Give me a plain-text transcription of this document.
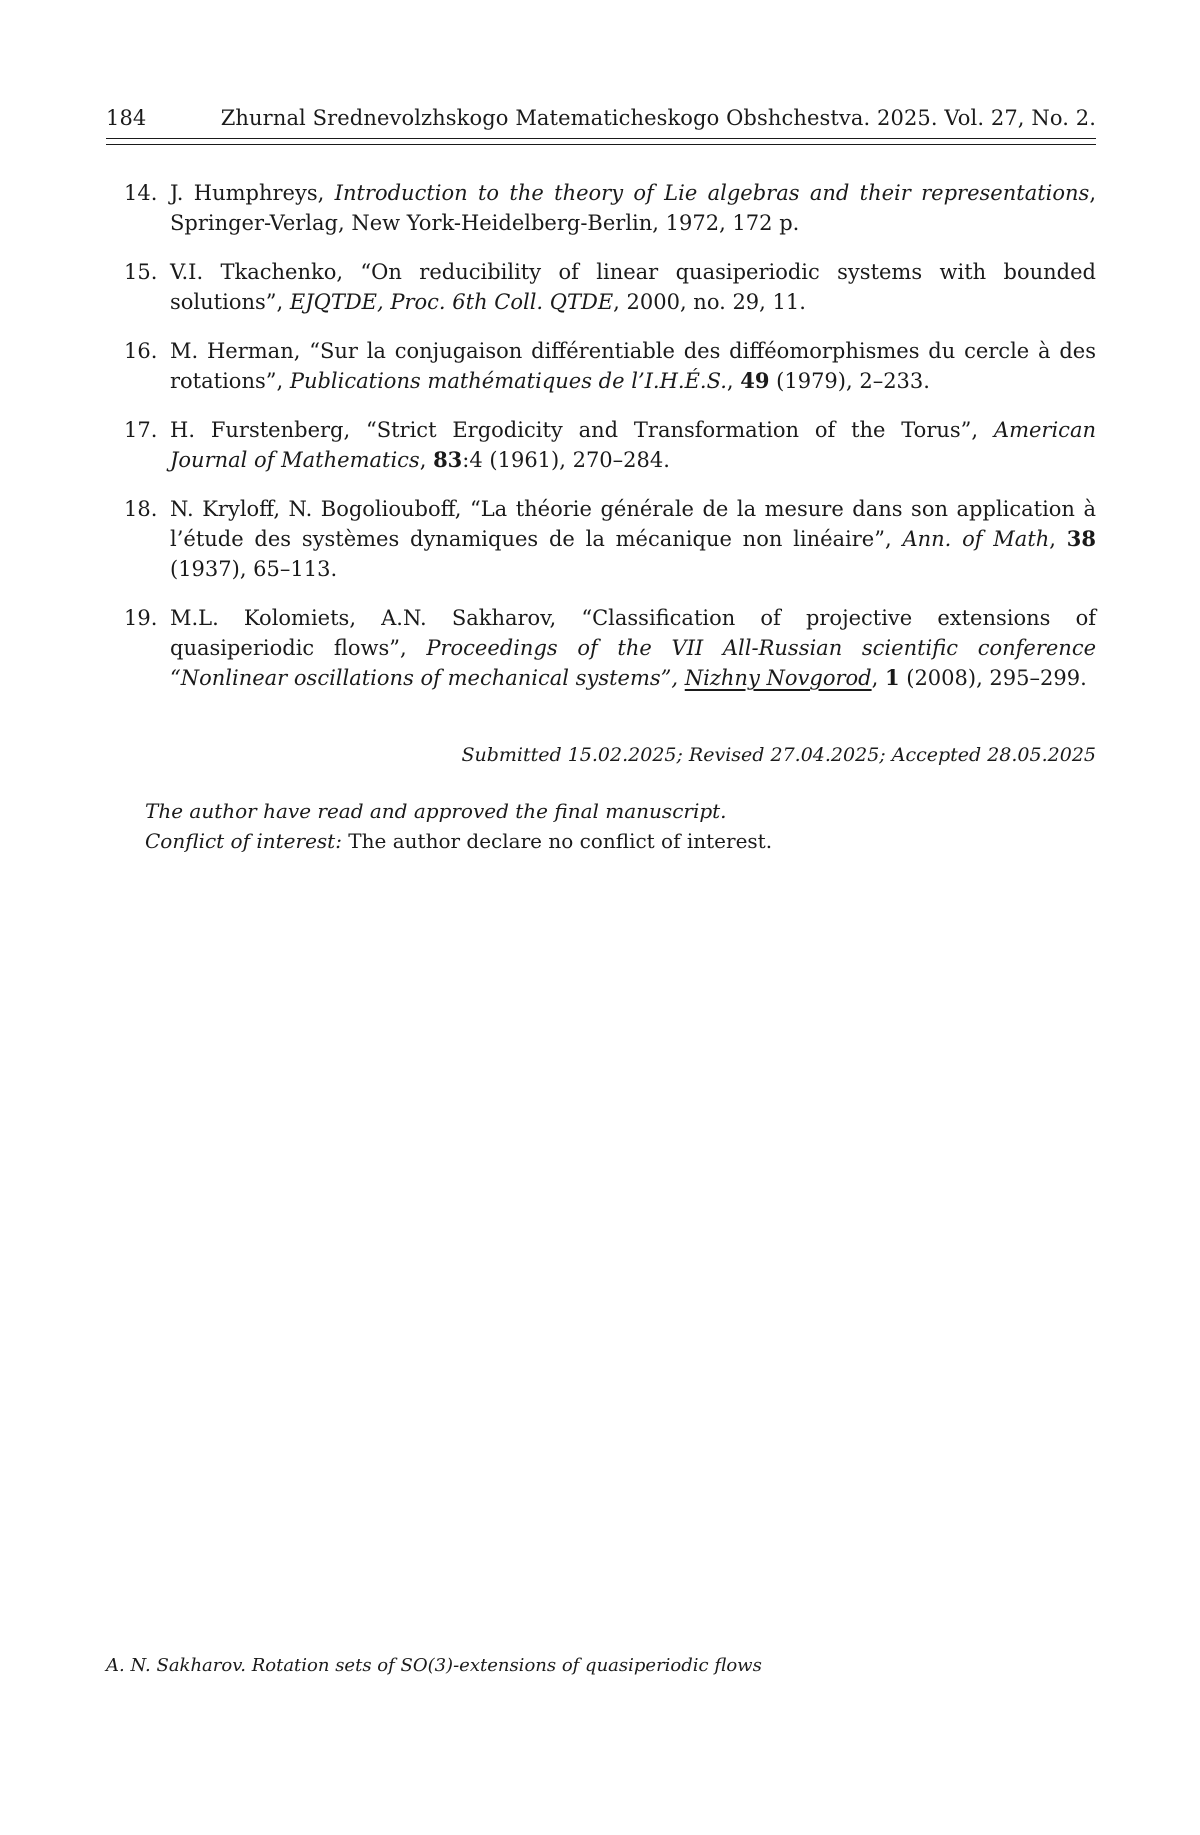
184	Zhurnal Srednevolzhskogo Matematicheskogo Obshchestva. 2025. Vol. 27, No. 2.
14. J. Humphreys, Introduction to the theory of Lie algebras and their representations, Springer-Verlag, New York-Heidelberg-Berlin, 1972, 172 p.
15. V.I. Tkachenko, “On reducibility of linear quasiperiodic systems with bounded solutions”, EJQTDE, Proc. 6th Coll. QTDE, 2000, no. 29, 11.
16. M. Herman, “Sur la conjugaison différentiable des difféomorphismes du cercle à des rotations”, Publications mathématiques de l’I.H.É.S., 49 (1979), 2–233.
17. H. Furstenberg, “Strict Ergodicity and Transformation of the Torus”, American Journal of Mathematics, 83:4 (1961), 270–284.
18. N. Kryloff, N. Bogoliouboff, “La théorie générale de la mesure dans son application à l’étude des systèmes dynamiques de la mécanique non linéaire”, Ann. of Math, 38 (1937), 65–113.
19. M.L. Kolomiets, A.N. Sakharov, “Classification of projective extensions of quasiperiodic flows”, Proceedings of the VII All-Russian scientific conference “Nonlinear oscillations of mechanical systems”, Nizhny Novgorod, 1 (2008), 295–299.
Submitted 15.02.2025; Revised 27.04.2025; Accepted 28.05.2025
The author have read and approved the final manuscript.
Conflict of interest: The author declare no conflict of interest.
A. N. Sakharov. Rotation sets of SO(3)-extensions of quasiperiodic flows
